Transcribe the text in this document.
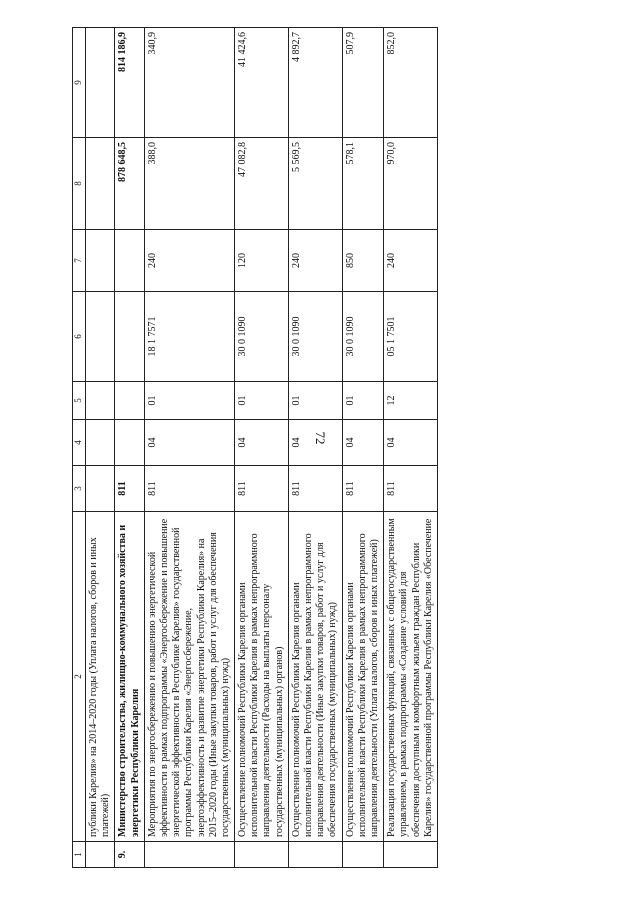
72
1	2	3	4	5	6	7	8	9
	публики Карелия» на 2014–2020 годы (Уплата налогов, сборов и иных платежей)							
9.	Министерство строительства, жилищно-коммунального хозяйства и энергетики Республики Карелия	811					878 648,5	814 186,9
	Мероприятия по энергосбережению и повышению энергетической эффективности в рамках подпрограммы «Энергосбережение и повышение энергетической эффективности в Республике Карелия» государственной программы Республики Карелия «Энергосбережение, энергоэффективность и развитие энергетики Республики Карелия» на 2015–2020 годы (Иные закупки товаров, работ и услуг для обеспечения государственных (муниципальных) нужд)	811	04	01	18 1 7571	240	388,0	340,9
	Осуществление полномочий Республики Карелия органами исполнительной власти Республики Карелия в рамках непрограммного направления деятельности (Расходы на выплаты персоналу государственных (муниципальных) органов)	811	04	01	30 0 1090	120	47 082,8	41 424,6
	Осуществление полномочий Республики Карелия органами исполнительной власти Республики Карелия в рамках непрограммного направления деятельности (Иные закупки товаров, работ и услуг для обеспечения государственных (муниципальных) нужд)	811	04	01	30 0 1090	240	5 569,5	4 892,7
	Осуществление полномочий Республики Карелия органами исполнительной власти Республики Карелия в рамках непрограммного направления деятельности (Уплата налогов, сборов и иных платежей)	811	04	01	30 0 1090	850	578,1	507,9
	Реализация государственных функций, связанных с общегосударственным управлением, в рамках подпрограммы «Создание условий для обеспечения доступным и комфортным жильем граждан Республики Карелия» государственной программы Республики Карелия «Обеспечение	811	04	12	05 1 7501	240	970,0	852,0
